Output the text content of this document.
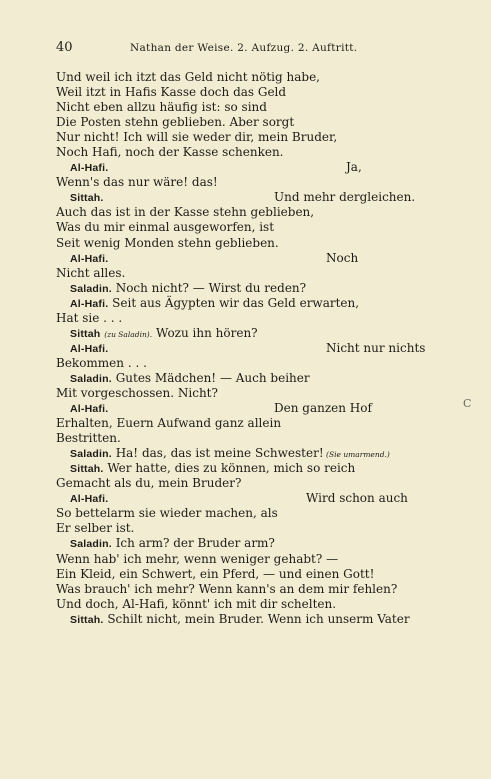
40	Nathan der Weise. 2. Aufzug. 2. Auftritt.
Und weil ich itzt das Geld nicht nötig habe,
Weil itzt in Hafis Kasse doch das Geld
Nicht eben allzu häufig ist: so sind
Die Posten stehn geblieben. Aber sorgt
Nur nicht! Ich will sie weder dir, mein Bruder,
Noch Hafi, noch der Kasse schenken.
Al-Hafi.	Ja,
Wenn's das nur wäre! das!
Sittah.	Und mehr dergleichen.
Auch das ist in der Kasse stehn geblieben,
Was du mir einmal ausgeworfen, ist
Seit wenig Monden stehn geblieben.
Al-Hafi.	Noch
Nicht alles.
Saladin. Noch nicht? — Wirst du reden?
Al-Hafi. Seit aus Ägypten wir das Geld erwarten,
Hat sie . . .
Sittah (zu Saladin). Wozu ihn hören?
Al-Hafi.	Nicht nur nichts
Bekommen . . .
Saladin. Gutes Mädchen! — Auch beiher
Mit vorgeschossen. Nicht?
Al-Hafi.	Den ganzen Hof
Erhalten, Euern Aufwand ganz allein
Bestritten.
Saladin. Ha! das, das ist meine Schwester! (Sie umarmend.)
Sittah. Wer hatte, dies zu können, mich so reich
Gemacht als du, mein Bruder?
Al-Hafi.	Wird schon auch
So bettelarm sie wieder machen, als
Er selber ist.
Saladin. Ich arm? der Bruder arm?
Wenn hab' ich mehr, wenn weniger gehabt? —
Ein Kleid, ein Schwert, ein Pferd, — und einen Gott!
Was brauch' ich mehr? Wenn kann's an dem mir fehlen?
Und doch, Al-Hafi, könnt' ich mit dir schelten.
Sittah. Schilt nicht, mein Bruder. Wenn ich unserm Vater
C
